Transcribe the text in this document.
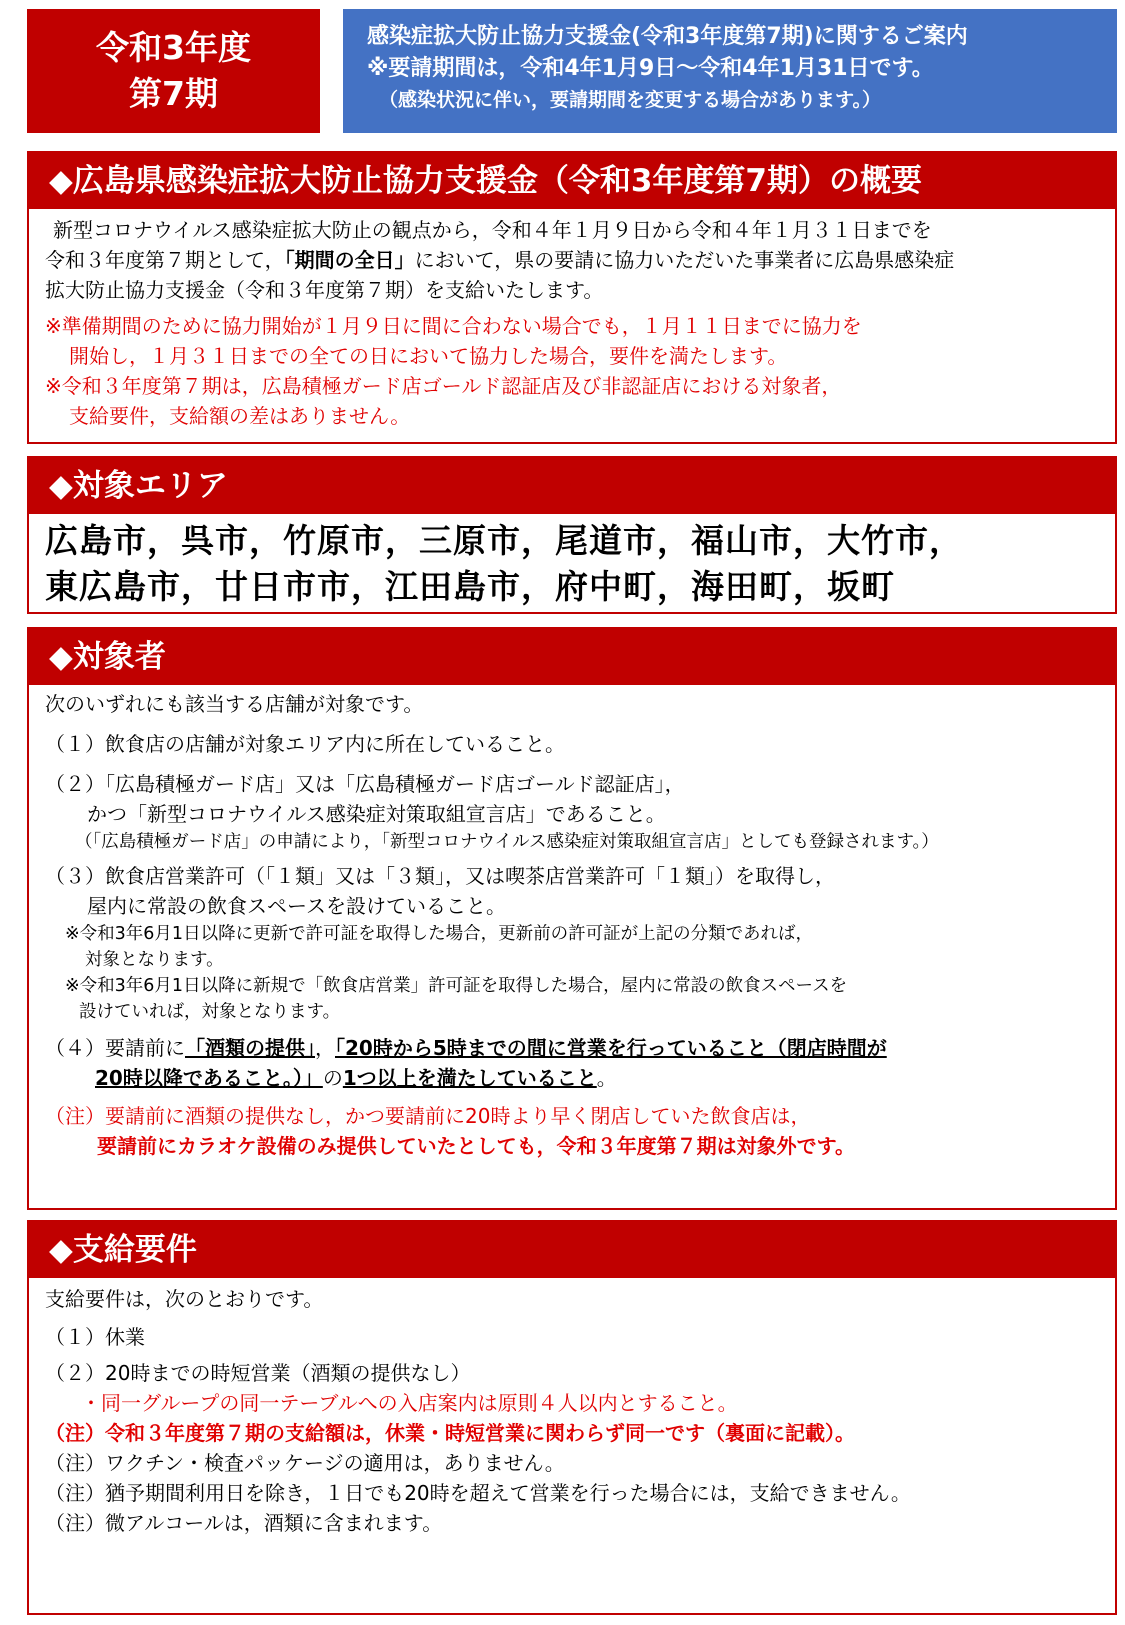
令和3年度
第7期
感染症拡大防止協力支援金(令和3年度第7期)に関するご案内
※要請期間は，令和4年1月9日～令和4年1月31日です。
（感染状況に伴い，要請期間を変更する場合があります。）
◆広島県感染症拡大防止協力支援金（令和3年度第7期）の概要
新型コロナウイルス感染症拡大防止の観点から，令和４年１月９日から令和４年１月３１日までを
令和３年度第７期として，「期間の全日」において，県の要請に協力いただいた事業者に広島県感染症
拡大防止協力支援金（令和３年度第７期）を支給いたします。
※準備期間のために協力開始が１月９日に間に合わない場合でも，１月１１日までに協力を
開始し，１月３１日までの全ての日において協力した場合，要件を満たします。
※令和３年度第７期は，広島積極ガード店ゴールド認証店及び非認証店における対象者，
支給要件，支給額の差はありません。
◆対象エリア
広島市，呉市，竹原市，三原市，尾道市，福山市，大竹市，
東広島市，廿日市市，江田島市，府中町，海田町，坂町
◆対象者
次のいずれにも該当する店舗が対象です。
（１）飲食店の店舗が対象エリア内に所在していること。
（２）「広島積極ガード店」又は「広島積極ガード店ゴールド認証店」，
かつ「新型コロナウイルス感染症対策取組宣言店」であること。
（「広島積極ガード店」の申請により，「新型コロナウイルス感染症対策取組宣言店」としても登録されます。）
（３）飲食店営業許可（「１類」又は「３類」，又は喫茶店営業許可「１類」）を取得し，
屋内に常設の飲食スペースを設けていること。
※令和3年6月1日以降に更新で許可証を取得した場合，更新前の許可証が上記の分類であれば，
対象となります。
※令和3年6月1日以降に新規で「飲食店営業」許可証を取得した場合，屋内に常設の飲食スペースを
設けていれば，対象となります。
（４）要請前に「酒類の提供」，「20時から5時までの間に営業を行っていること（閉店時間が
20時以降であること。）」の1つ以上を満たしていること。
（注）要請前に酒類の提供なし，かつ要請前に20時より早く閉店していた飲食店は，
要請前にカラオケ設備のみ提供していたとしても，令和３年度第７期は対象外です。
◆支給要件
支給要件は，次のとおりです。
（１）休業
（２）20時までの時短営業（酒類の提供なし）
・同一グループの同一テーブルへの入店案内は原則４人以内とすること。
（注）令和３年度第７期の支給額は，休業・時短営業に関わらず同一です（裏面に記載）。
（注）ワクチン・検査パッケージの適用は，ありません。
（注）猶予期間利用日を除き，１日でも20時を超えて営業を行った場合には，支給できません。
（注）微アルコールは，酒類に含まれます。
